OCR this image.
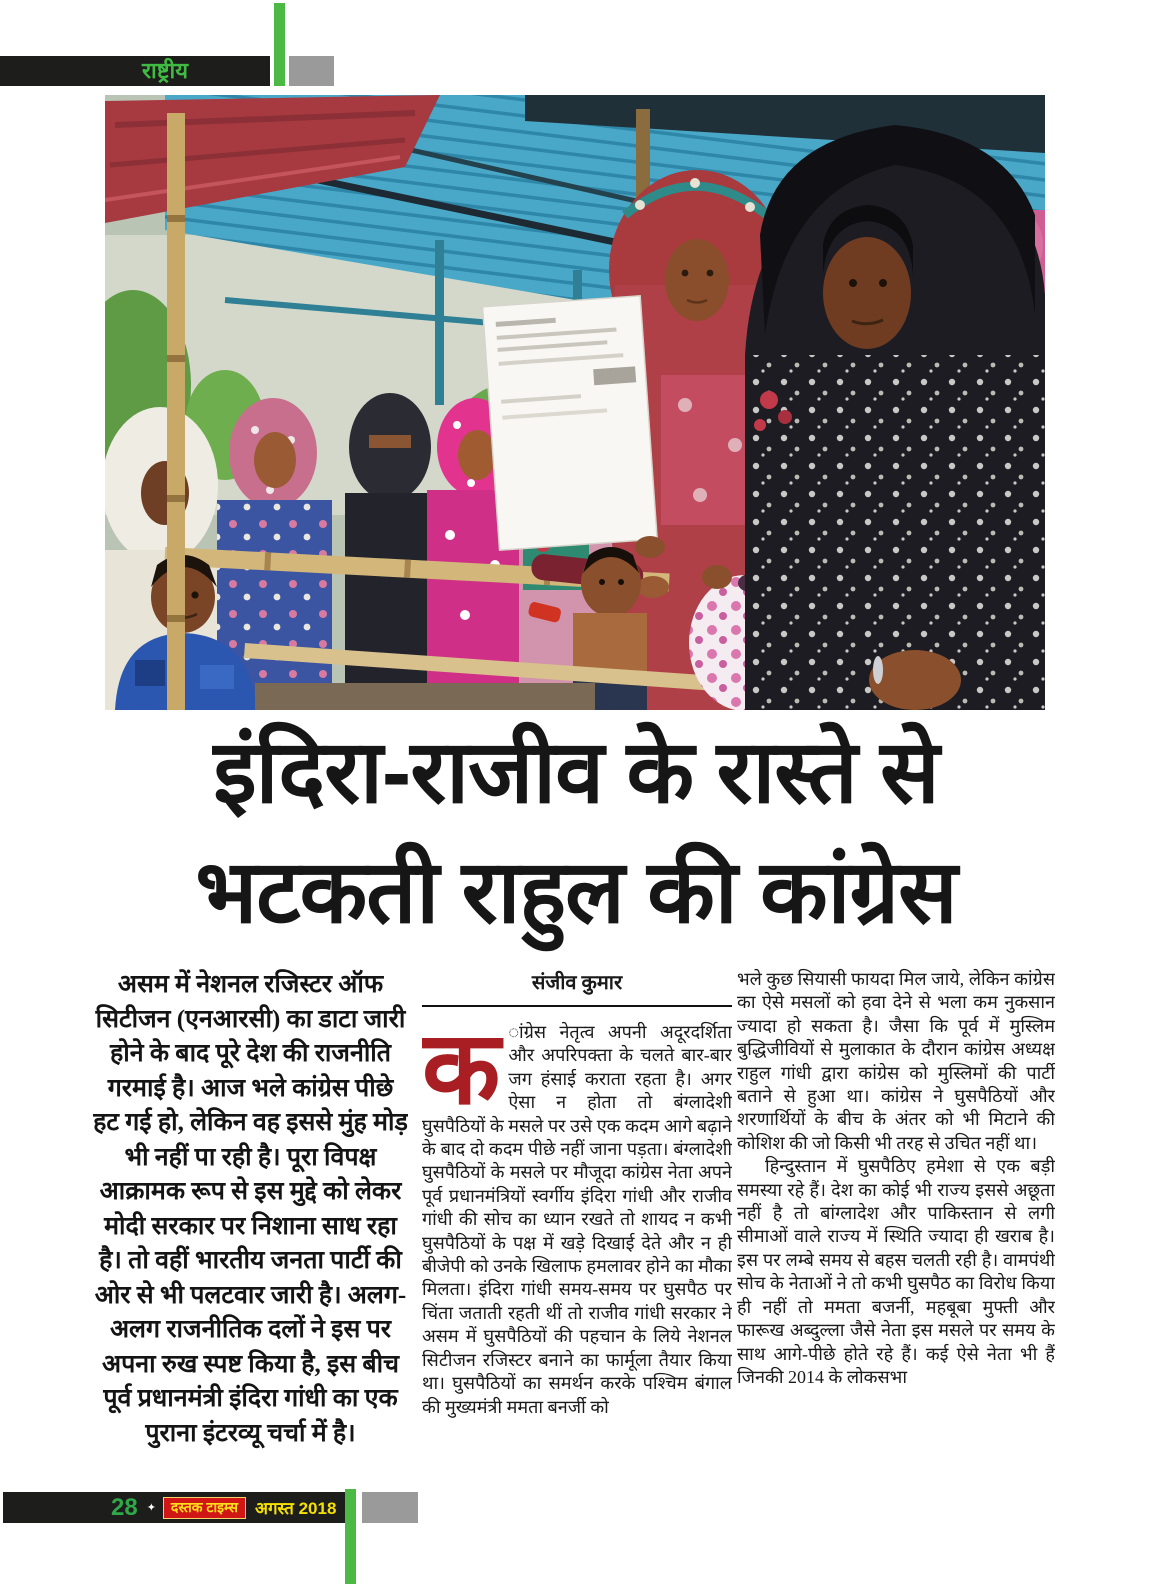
राष्ट्रीय
इंदिरा-राजीव के रास्ते से
भटकती राहुल की कांग्रेस
असम में नेशनल रजिस्टर ऑफ सिटीजन (एनआरसी) का डाटा जारी होने के बाद पूरे देश की राजनीति गरमाई है। आज भले कांग्रेस पीछे हट गई हो, लेकिन वह इससे मुंह मोड़ भी नहीं पा रही है। पूरा विपक्ष आक्रामक रूप से इस मुद्दे को लेकर मोदी सरकार पर निशाना साध रहा है। तो वहीं भारतीय जनता पार्टी की ओर से भी पलटवार जारी है। अलग-अलग राजनीतिक दलों ने इस पर अपना रुख स्पष्ट किया है, इस बीच पूर्व प्रधानमंत्री इंदिरा गांधी का एक पुराना इंटरव्यू चर्चा में है।
संजीव कुमार
क ांग्रेस नेतृत्व अपनी अदूरदर्शिता और अपरिपक्ता के चलते बार-बार जग हंसाई कराता रहता है। अगर ऐसा न होता तो बंग्लादेशी घुसपैठियों के मसले पर उसे एक कदम आगे बढ़ाने के बाद दो कदम पीछे नहीं जाना पड़ता। बंग्लादेशी घुसपैठियों के मसले पर मौजूदा कांग्रेस नेता अपने पूर्व प्रधानमंत्रियों स्वर्गीय इंदिरा गांधी और राजीव गांधी की सोच का ध्यान रखते तो शायद न कभी घुसपैठियों के पक्ष में खड़े दिखाई देते और न ही बीजेपी को उनके खिलाफ हमलावर होने का मौका मिलता। इंदिरा गांधी समय-समय पर घुसपैठ पर चिंता जताती रहती थीं तो राजीव गांधी सरकार ने असम में घुसपैठियों की पहचान के लिये नेशनल सिटीजन रजिस्टर बनाने का फार्मूला तैयार किया था। घुसपैठियों का समर्थन करके पश्चिम बंगाल की मुख्यमंत्री ममता बनर्जी को
भले कुछ सियासी फायदा मिल जाये, लेकिन कांग्रेस का ऐसे मसलों को हवा देने से भला कम नुकसान ज्यादा हो सकता है। जैसा कि पूर्व में मुस्लिम बुद्धिजीवियों से मुलाकात के दौरान कांग्रेस अध्यक्ष राहुल गांधी द्वारा कांग्रेस को मुस्लिमों की पार्टी बताने से हुआ था। कांग्रेस ने घुसपैठियों और शरणार्थियों के बीच के अंतर को भी मिटाने की कोशिश की जो किसी भी तरह से उचित नहीं था।
हिन्दुस्तान में घुसपैठिए हमेशा से एक बड़ी समस्या रहे हैं। देश का कोई भी राज्य इससे अछूता नहीं है तो बांग्लादेश और पाकिस्तान से लगी सीमाओं वाले राज्य में स्थिति ज्यादा ही खराब है। इस पर लम्बे समय से बहस चलती रही है। वामपंथी सोच के नेताओं ने तो कभी घुसपैठ का विरोध किया ही नहीं तो ममता बजर्नी, महबूबा मुफ्ती और फारूख अब्दुल्ला जैसे नेता इस मसले पर समय के साथ आगे-पीछे होते रहे हैं। कई ऐसे नेता भी हैं जिनकी 2014 के लोकसभा
28 ✦	दस्तक टाइम्स	अगस्त 2018
